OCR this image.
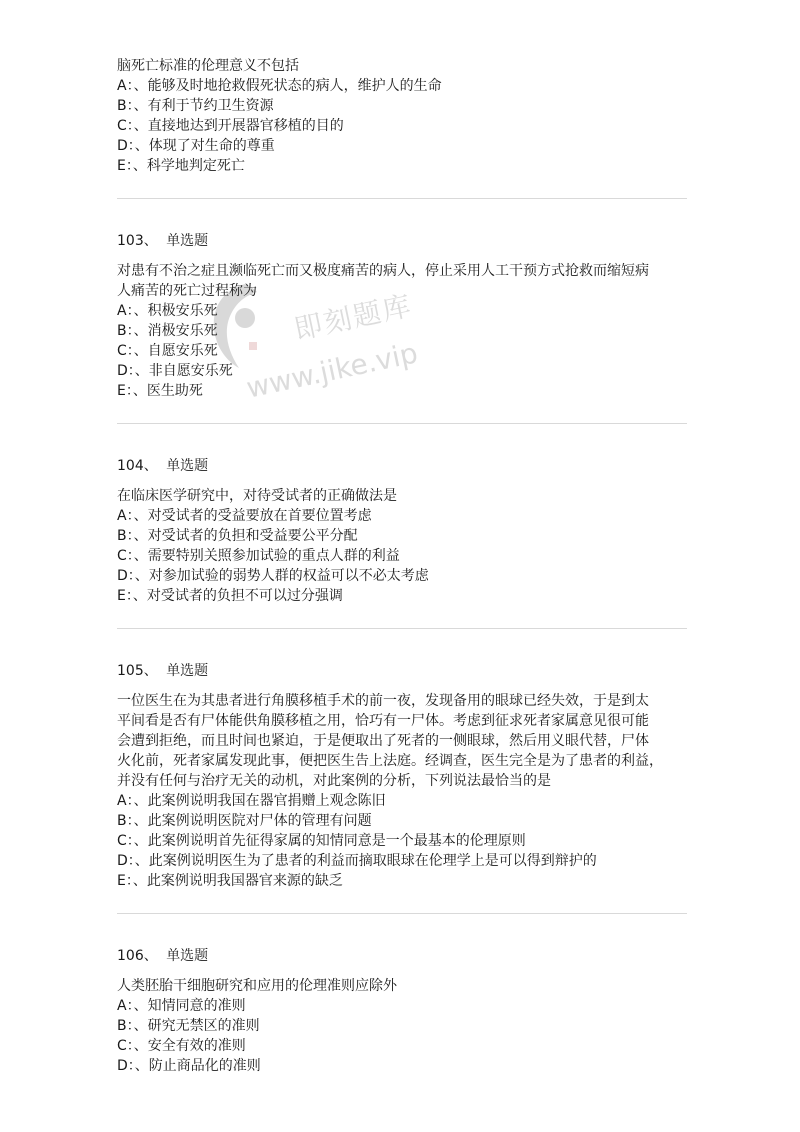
脑死亡标准的伦理意义不包括
A：、能够及时地抢救假死状态的病人，维护人的生命
B：、有利于节约卫生资源
C：、直接地达到开展器官移植的目的
D：、体现了对生命的尊重
E：、科学地判定死亡
103、 单选题
对患有不治之症且濒临死亡而又极度痛苦的病人，停止采用人工干预方式抢救而缩短病
人痛苦的死亡过程称为
A：、积极安乐死
B：、消极安乐死
C：、自愿安乐死
D：、非自愿安乐死
E：、医生助死
104、 单选题
在临床医学研究中，对待受试者的正确做法是
A：、对受试者的受益要放在首要位置考虑
B：、对受试者的负担和受益要公平分配
C：、需要特别关照参加试验的重点人群的利益
D：、对参加试验的弱势人群的权益可以不必太考虑
E：、对受试者的负担不可以过分强调
105、 单选题
一位医生在为其患者进行角膜移植手术的前一夜，发现备用的眼球已经失效，于是到太
平间看是否有尸体能供角膜移植之用，恰巧有一尸体。考虑到征求死者家属意见很可能
会遭到拒绝，而且时间也紧迫，于是便取出了死者的一侧眼球，然后用义眼代替，尸体
火化前，死者家属发现此事，便把医生告上法庭。经调查，医生完全是为了患者的利益，
并没有任何与治疗无关的动机，对此案例的分析，下列说法最恰当的是
A：、此案例说明我国在器官捐赠上观念陈旧
B：、此案例说明医院对尸体的管理有问题
C：、此案例说明首先征得家属的知情同意是一个最基本的伦理原则
D：、此案例说明医生为了患者的利益而摘取眼球在伦理学上是可以得到辩护的
E：、此案例说明我国器官来源的缺乏
106、 单选题
人类胚胎干细胞研究和应用的伦理准则应除外
A：、知情同意的准则
B：、研究无禁区的准则
C：、安全有效的准则
D：、防止商品化的准则
即刻题库
www.jike.vip
